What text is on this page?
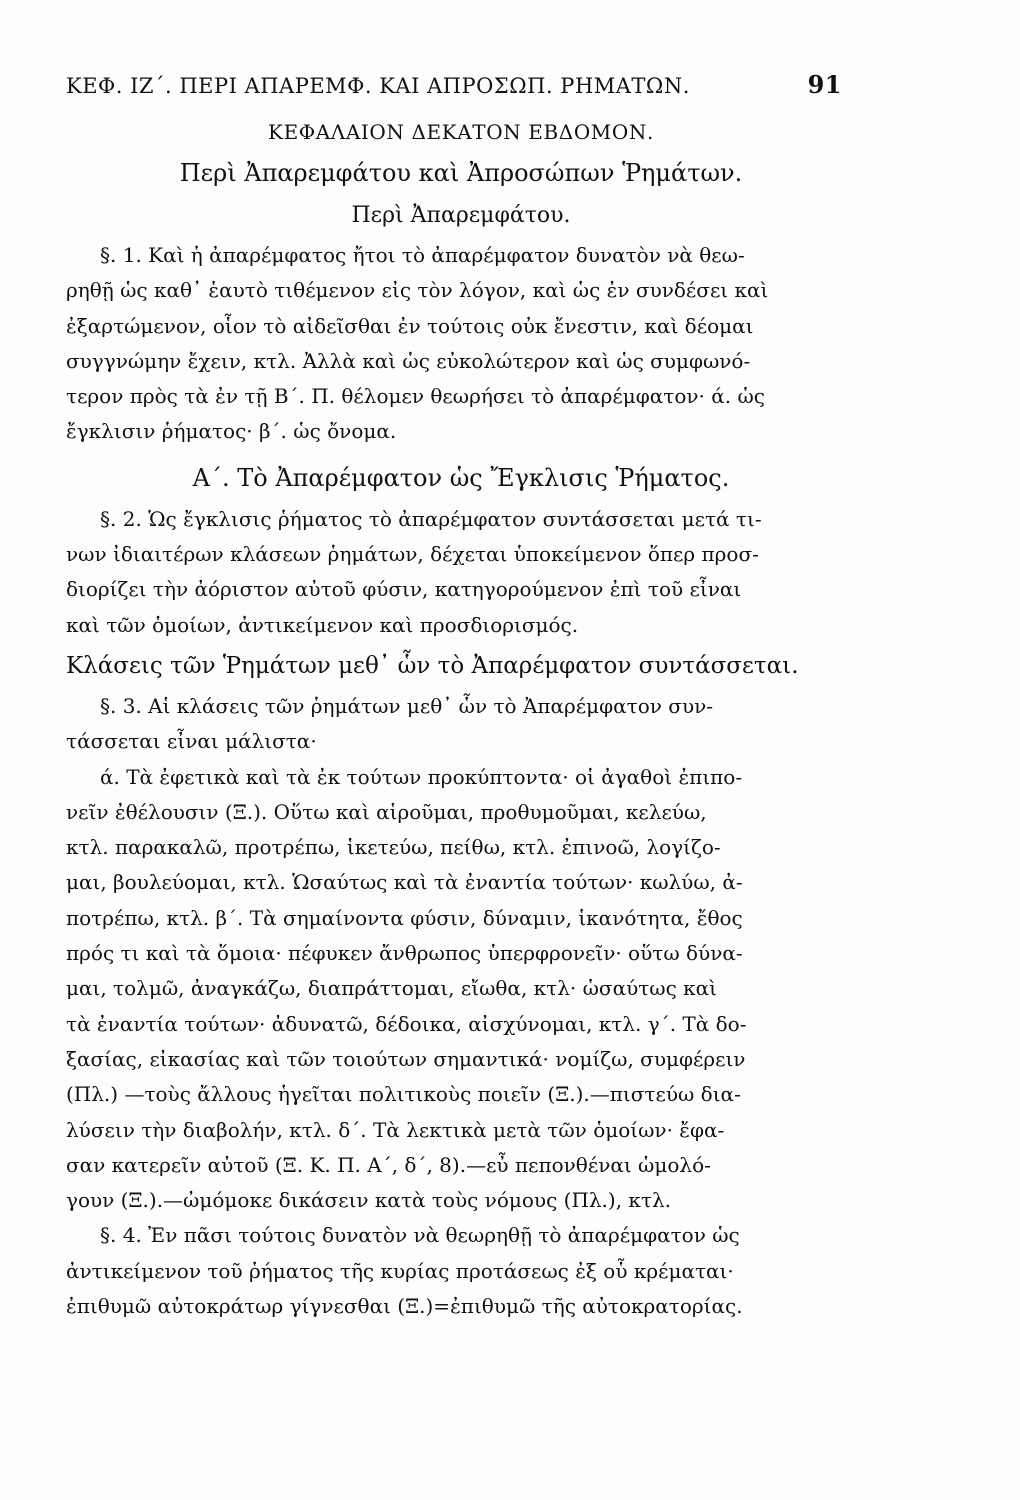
ΚΕΦ. ΙΖ΄. ΠΕΡΙ ΑΠΑΡΕΜΦ. ΚΑΙ ΑΠΡΟΣΩΠ. ΡΗΜΑΤΩΝ.	91
ΚΕΦΑΛΑΙΟΝ ΔΕΚΑΤΟΝ ΕΒΔΟΜΟΝ.
Περὶ Ἀπαρεμφάτου καὶ Ἀπροσώπων Ῥημάτων.
Περὶ Ἀπαρεμφάτου.

§. 1. Καὶ ἡ ἀπαρέμφατος ἤτοι τὸ ἀπαρέμφατον δυνατὸν νὰ θεω-
ρηθῇ ὡς καθ᾽ ἑαυτὸ τιθέμενον εἰς τὸν λόγον, καὶ ὡς ἐν συνδέσει καὶ
ἐξαρτώμενον, οἷον τὸ αἰδεῖσθαι ἐν τούτοις οὐκ ἔνεστιν, καὶ δέομαι
συγγνώμην ἔχειν, κτλ. Ἀλλὰ καὶ ὡς εὐκολώτερον καὶ ὡς συμφωνό-
τερον πρὸς τὰ ἐν τῇ Β΄. Π. θέλομεν θεωρήσει τὸ ἀπαρέμφατον· ά. ὡς
ἔγκλισιν ῥήματος· β΄. ὡς ὄνομα.

Α΄. Τὸ Ἀπαρέμφατον ὡς Ἔγκλισις Ῥήματος.

§. 2. Ὡς ἔγκλισις ῥήματος τὸ ἀπαρέμφατον συντάσσεται μετά τι-
νων ἰδιαιτέρων κλάσεων ῥημάτων, δέχεται ὑποκείμενον ὅπερ προσ-
διορίζει τὴν ἀόριστον αὐτοῦ φύσιν, κατηγορούμενον ἐπὶ τοῦ εἶναι
καὶ τῶν ὁμοίων, ἀντικείμενον καὶ προσδιορισμός.

Κλάσεις τῶν Ῥημάτων μεθ᾽ ὧν τὸ Ἀπαρέμφατον συντάσσεται.

§. 3. Αἱ κλάσεις τῶν ῥημάτων μεθ᾽ ὧν τὸ Ἀπαρέμφατον συν-
τάσσεται εἶναι μάλιστα·

ά. Τὰ ἐφετικὰ καὶ τὰ ἐκ τούτων προκύπτοντα· οἱ ἀγαθοὶ ἐπιπο-
νεῖν ἐθέλουσιν (Ξ.). Οὕτω καὶ αἱροῦμαι, προθυμοῦμαι, κελεύω,
κτλ. παρακαλῶ, προτρέπω, ἱκετεύω, πείθω, κτλ. ἐπινοῶ, λογίζο-
μαι, βουλεύομαι, κτλ. Ὡσαύτως καὶ τὰ ἐναντία τούτων· κωλύω, ἀ-
ποτρέπω, κτλ. β΄. Τὰ σημαίνοντα φύσιν, δύναμιν, ἱκανότητα, ἔθος
πρός τι καὶ τὰ ὅμοια· πέφυκεν ἄνθρωπος ὑπερφρονεῖν· οὕτω δύνα-
μαι, τολμῶ, ἀναγκάζω, διαπράττομαι, εἴωθα, κτλ· ὡσαύτως καὶ
τὰ ἐναντία τούτων· ἀδυνατῶ, δέδοικα, αἰσχύνομαι, κτλ. γ΄. Τὰ δο-
ξασίας, εἰκασίας καὶ τῶν τοιούτων σημαντικά· νομίζω, συμφέρειν
(Πλ.) —τοὺς ἄλλους ἡγεῖται πολιτικοὺς ποιεῖν (Ξ.).—πιστεύω δια-
λύσειν τὴν διαβολήν, κτλ. δ΄. Τὰ λεκτικὰ μετὰ τῶν ὁμοίων· ἔφα-
σαν κατερεῖν αὐτοῦ (Ξ. Κ. Π. Α΄, δ΄, 8).—εὖ πεπονθέναι ὡμολό-
γουν (Ξ.).—ὠμόμοκε δικάσειν κατὰ τοὺς νόμους (Πλ.), κτλ.

§. 4. Ἐν πᾶσι τούτοις δυνατὸν νὰ θεωρηθῇ τὸ ἀπαρέμφατον ὡς
ἀντικείμενον τοῦ ῥήματος τῆς κυρίας προτάσεως ἐξ οὗ κρέμαται·
ἐπιθυμῶ αὐτοκράτωρ γίγνεσθαι (Ξ.)=ἐπιθυμῶ τῆς αὐτοκρατορίας.
